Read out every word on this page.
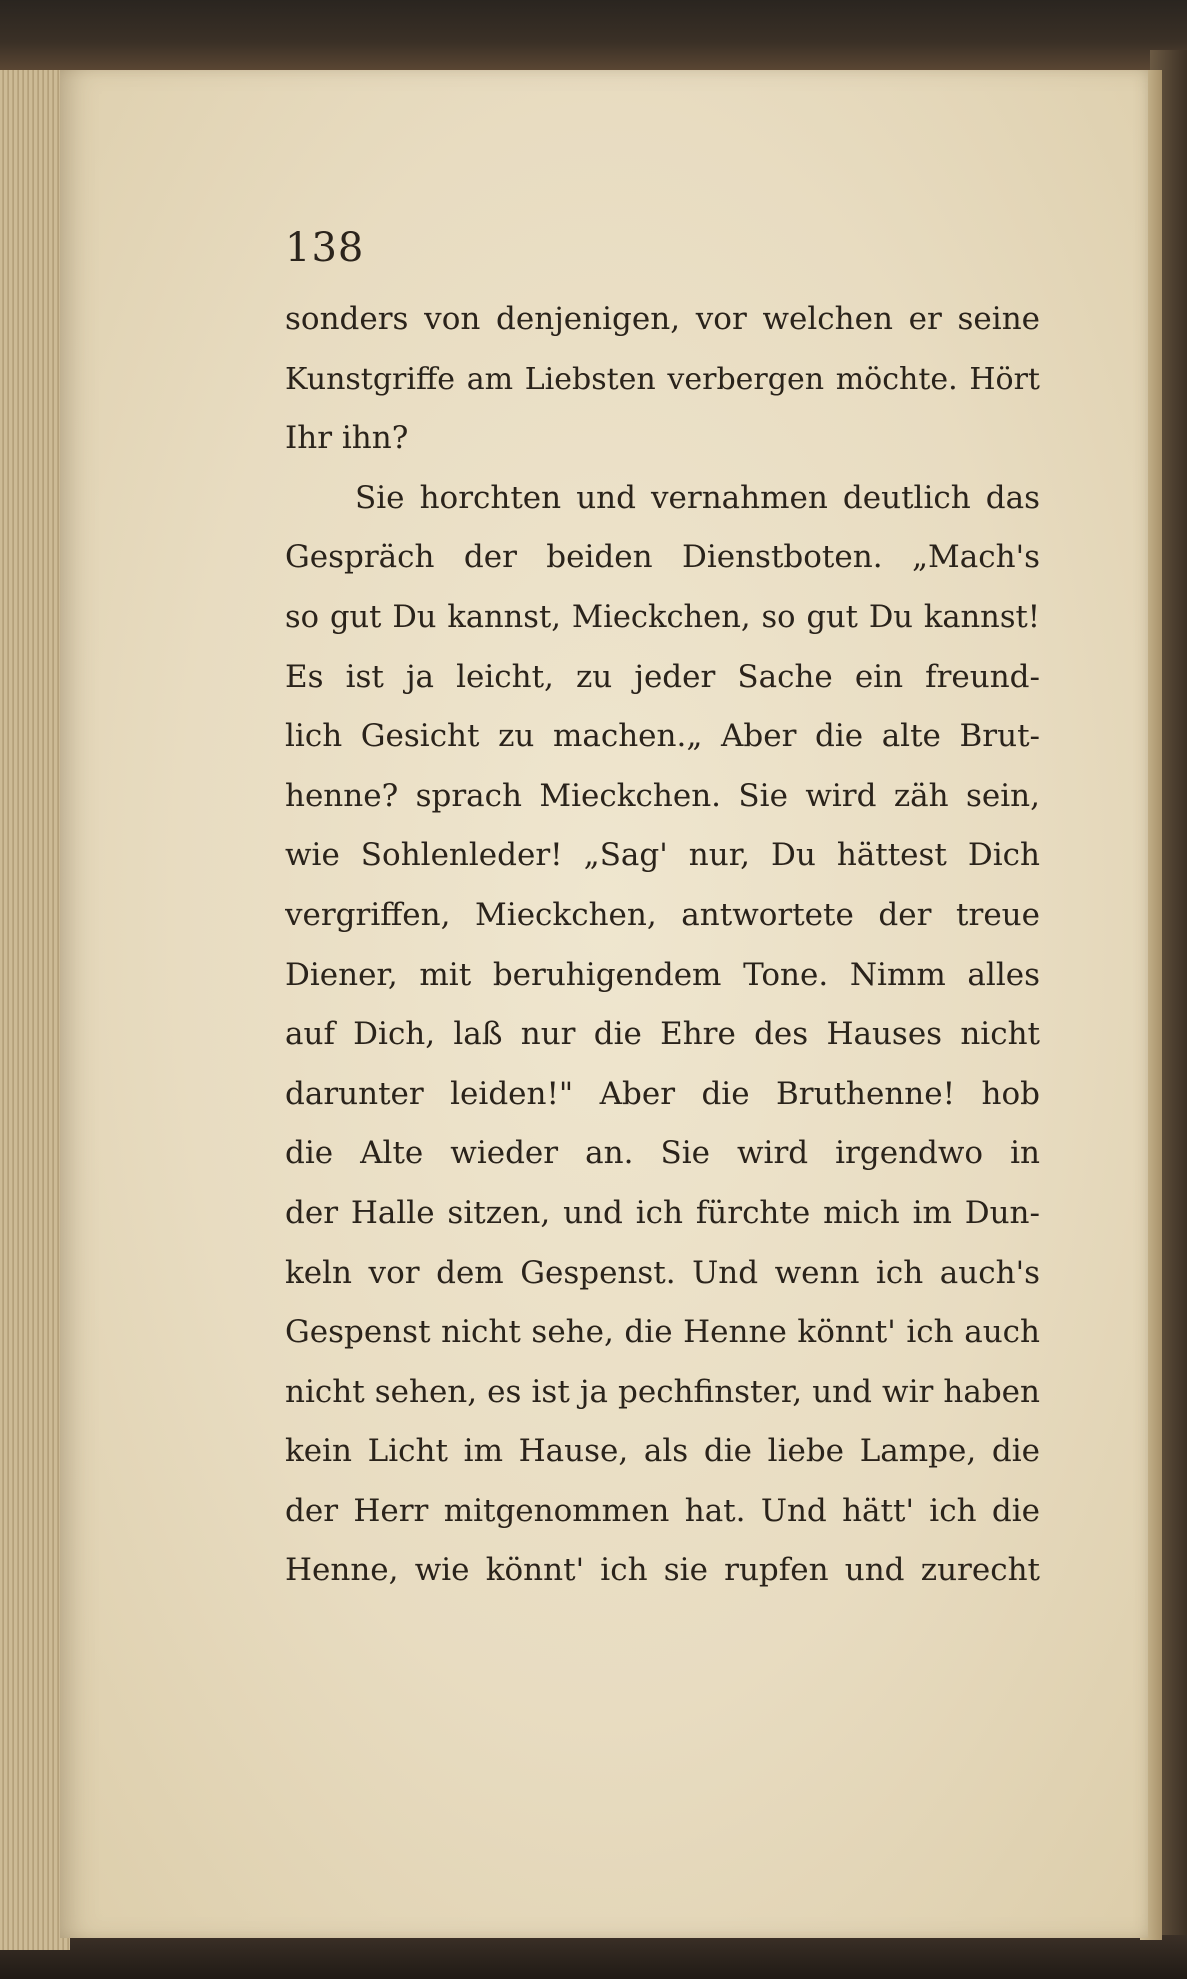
138

sonders von denjenigen, vor welchen er seine
Kunstgriffe am Liebsten verbergen möchte. Hört
Ihr ihn?
Sie horchten und vernahmen deutlich das
Gespräch der beiden Dienstboten. „Mach's
so gut Du kannst, Mieckchen, so gut Du kannst!
Es ist ja leicht, zu jeder Sache ein freund-
lich Gesicht zu machen.„ Aber die alte Brut-
henne? sprach Mieckchen. Sie wird zäh sein,
wie Sohlenleder! „Sag' nur, Du hättest Dich
vergriffen, Mieckchen, antwortete der treue
Diener, mit beruhigendem Tone. Nimm alles
auf Dich, laß nur die Ehre des Hauses nicht
darunter leiden!" Aber die Bruthenne! hob
die Alte wieder an. Sie wird irgendwo in
der Halle sitzen, und ich fürchte mich im Dun-
keln vor dem Gespenst. Und wenn ich auch's
Gespenst nicht sehe, die Henne könnt' ich auch
nicht sehen, es ist ja pechfinster, und wir haben
kein Licht im Hause, als die liebe Lampe, die
der Herr mitgenommen hat. Und hätt' ich die
Henne, wie könnt' ich sie rupfen und zurecht
